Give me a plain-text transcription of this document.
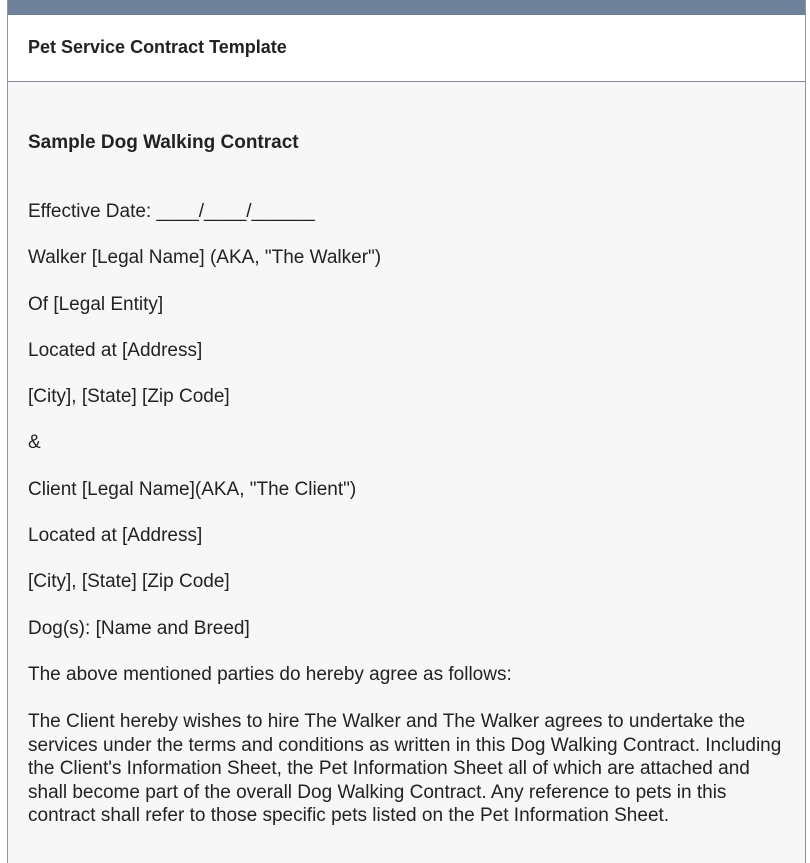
Pet Service Contract Template

Sample Dog Walking Contract

Effective Date: ____/____/______

Walker [Legal Name] (AKA, "The Walker")

Of [Legal Entity]

Located at [Address]

[City], [State] [Zip Code]

&

Client [Legal Name](AKA, "The Client")

Located at [Address]

[City], [State] [Zip Code]

Dog(s): [Name and Breed]

The above mentioned parties do hereby agree as follows:

The Client hereby wishes to hire The Walker and The Walker agrees to undertake the services under the terms and conditions as written in this Dog Walking Contract. Including the Client's Information Sheet, the Pet Information Sheet all of which are attached and shall become part of the overall Dog Walking Contract. Any reference to pets in this contract shall refer to those specific pets listed on the Pet Information Sheet.
